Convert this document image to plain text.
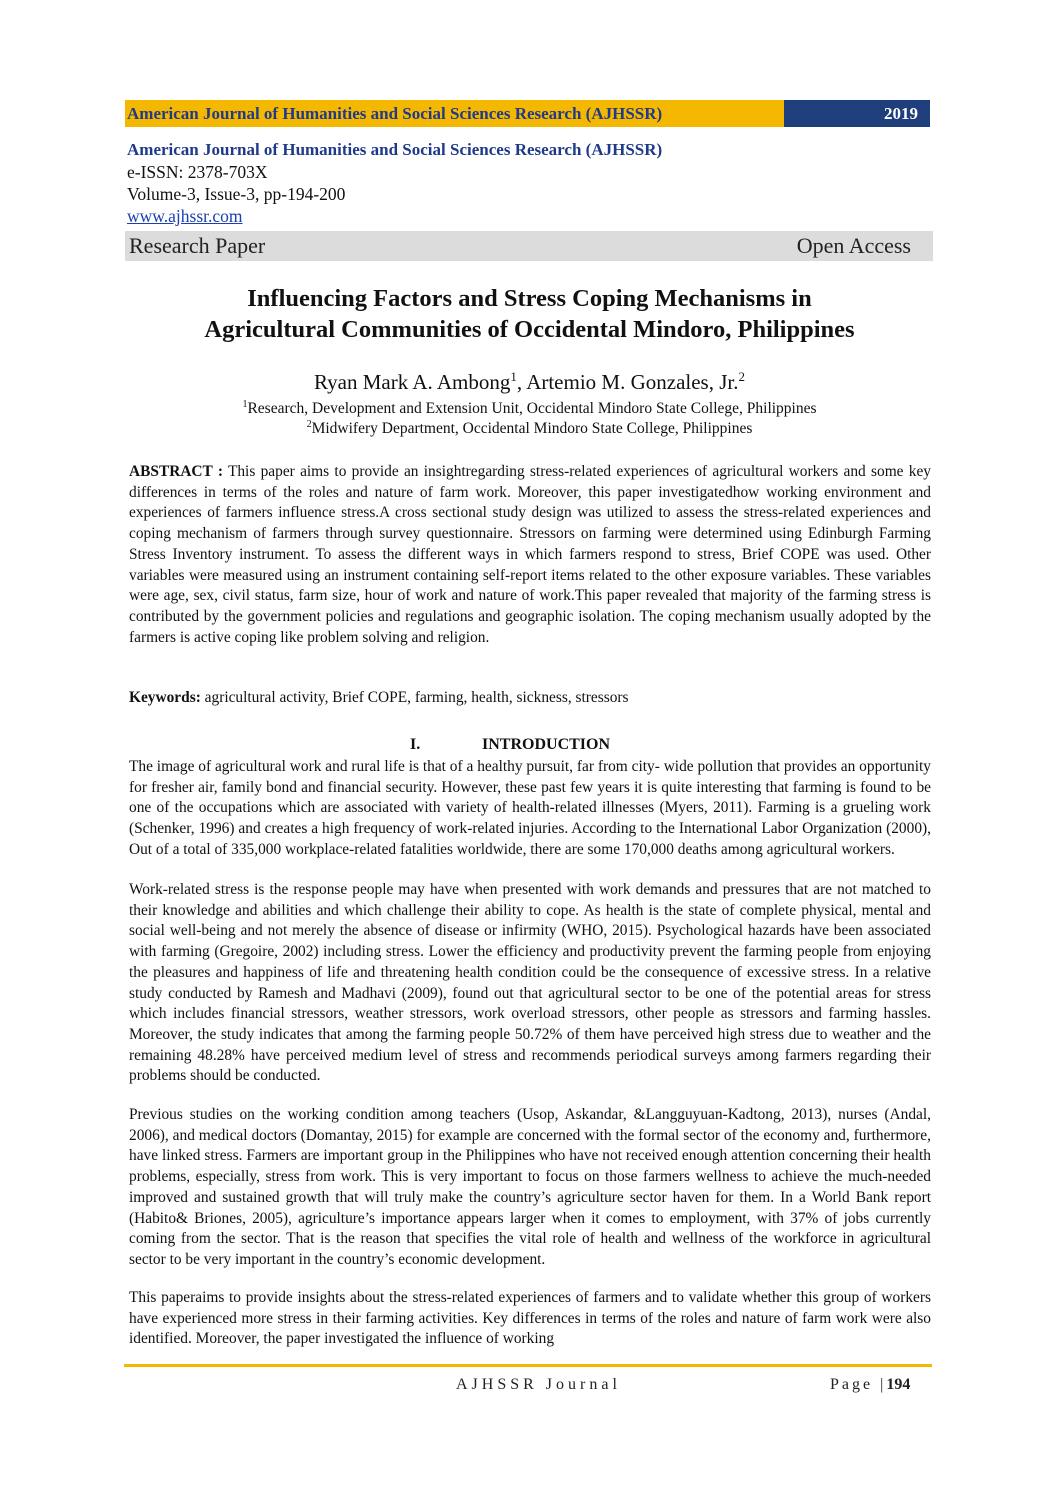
American Journal of Humanities and Social Sciences Research (AJHSSR)	2019
American Journal of Humanities and Social Sciences Research (AJHSSR)
e-ISSN: 2378-703X
Volume-3, Issue-3, pp-194-200
www.ajhssr.com
Research Paper	Open Access
Influencing Factors and Stress Coping Mechanisms in
Agricultural Communities of Occidental Mindoro, Philippines
Ryan Mark A. Ambong$^1$, Artemio M. Gonzales, Jr.$^2$
$^1$Research, Development and Extension Unit, Occidental Mindoro State College, Philippines
$^2$Midwifery Department, Occidental Mindoro State College, Philippines
ABSTRACT : This paper aims to provide an insightregarding stress-related experiences of agricultural workers and some key differences in terms of the roles and nature of farm work. Moreover, this paper investigatedhow working environment and experiences of farmers influence stress.A cross sectional study design was utilized to assess the stress-related experiences and coping mechanism of farmers through survey questionnaire. Stressors on farming were determined using Edinburgh Farming Stress Inventory instrument. To assess the different ways in which farmers respond to stress, Brief COPE was used. Other variables were measured using an instrument containing self-report items related to the other exposure variables. These variables were age, sex, civil status, farm size, hour of work and nature of work.This paper revealed that majority of the farming stress is contributed by the government policies and regulations and geographic isolation. The coping mechanism usually adopted by the farmers is active coping like problem solving and religion.
Keywords: agricultural activity, Brief COPE, farming, health, sickness, stressors
I.	INTRODUCTION
The image of agricultural work and rural life is that of a healthy pursuit, far from city- wide pollution that provides an opportunity for fresher air, family bond and financial security. However, these past few years it is quite interesting that farming is found to be one of the occupations which are associated with variety of health-related illnesses (Myers, 2011). Farming is a grueling work (Schenker, 1996) and creates a high frequency of work-related injuries. According to the International Labor Organization (2000), Out of a total of 335,000 workplace-related fatalities worldwide, there are some 170,000 deaths among agricultural workers.
Work-related stress is the response people may have when presented with work demands and pressures that are not matched to their knowledge and abilities and which challenge their ability to cope. As health is the state of complete physical, mental and social well-being and not merely the absence of disease or infirmity (WHO, 2015). Psychological hazards have been associated with farming (Gregoire, 2002) including stress. Lower the efficiency and productivity prevent the farming people from enjoying the pleasures and happiness of life and threatening health condition could be the consequence of excessive stress. In a relative study conducted by Ramesh and Madhavi (2009), found out that agricultural sector to be one of the potential areas for stress which includes financial stressors, weather stressors, work overload stressors, other people as stressors and farming hassles. Moreover, the study indicates that among the farming people 50.72% of them have perceived high stress due to weather and the remaining 48.28% have perceived medium level of stress and recommends periodical surveys among farmers regarding their problems should be conducted.
Previous studies on the working condition among teachers (Usop, Askandar, &Langguyuan-Kadtong, 2013), nurses (Andal, 2006), and medical doctors (Domantay, 2015) for example are concerned with the formal sector of the economy and, furthermore, have linked stress. Farmers are important group in the Philippines who have not received enough attention concerning their health problems, especially, stress from work. This is very important to focus on those farmers wellness to achieve the much-needed improved and sustained growth that will truly make the country’s agriculture sector haven for them. In a World Bank report (Habito& Briones, 2005), agriculture’s importance appears larger when it comes to employment, with 37% of jobs currently coming from the sector. That is the reason that specifies the vital role of health and wellness of the workforce in agricultural sector to be very important in the country’s economic development.
This paperaims to provide insights about the stress-related experiences of farmers and to validate whether this group of workers have experienced more stress in their farming activities. Key differences in terms of the roles and nature of farm work were also identified. Moreover, the paper investigated the influence of working
AJHSSR Journal	Page |194
